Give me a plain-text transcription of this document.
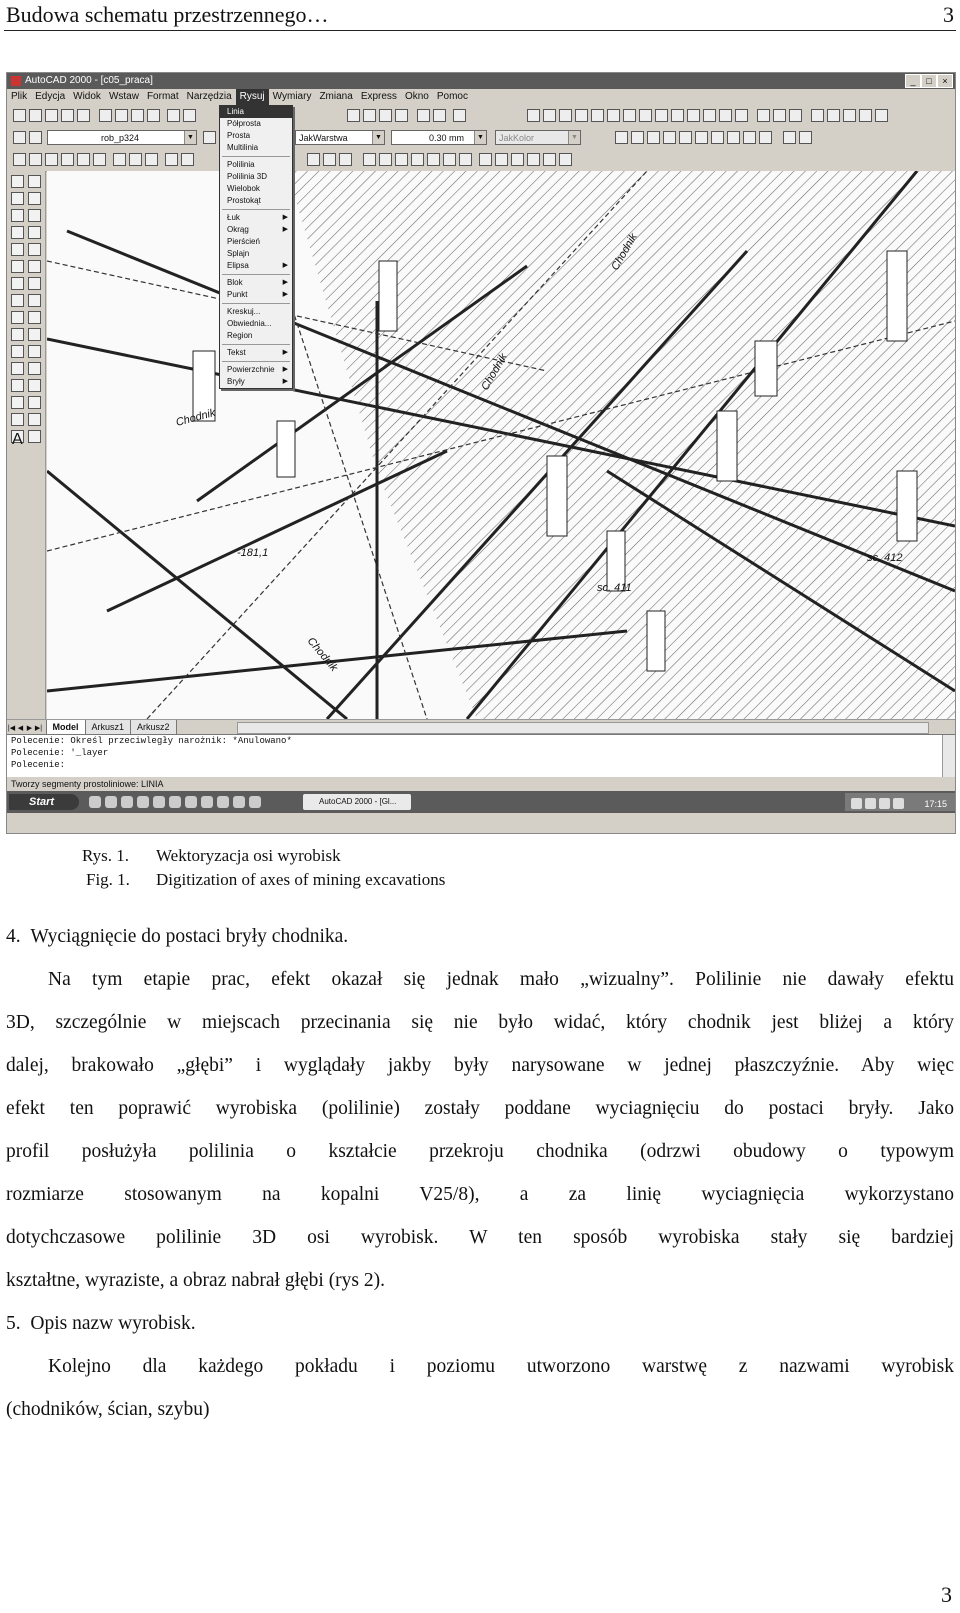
Budowa schematu przestrzennego…	3
AutoCAD 2000 - [c05_praca]	_	□	×
Plik Edycja Widok Wstaw Format Narzędzia Rysuj Wymiary Zmiana Express Okno Pomoc
rob_p324	▼	JakWarstwa	▼	0.30 mm	▼	JakKolor	▼
A
Chodnik
Chodnik
Chodnik
Chodnik
sc. 412
sc. 411
-181,1
Linia
Półprosta
Prosta
Multilinia
Polilinia
Polilinia 3D
Wielobok
Prostokąt
Łuk	▶
Okrąg	▶
Pierścień
Splajn
Elipsa	▶
Blok	▶
Punkt	▶
Kreskuj...
Obwiednia...
Region
Tekst	▶
Powierzchnie ▶
Bryły	▶
|◀ ◀ ▶ ▶| Model Arkusz1 Arkusz2
Polecenie: Określ przeciwległy narożnik: *Anulowano*
Polecenie: '_layer
Polecenie:
Tworzy segmenty prostoliniowe: LINIA
Start	AutoCAD 2000 - [Gl...	17:15
Rys. 1. Wektoryzacja osi wyrobisk
Fig. 1. Digitization of axes of mining excavations
4.  Wyciągnięcie do postaci bryły chodnika.
Na tym etapie prac, efekt okazał się jednak mało „wizualny”. Polilinie nie dawały efektu
3D, szczególnie w miejscach przecinania się nie było widać, który chodnik jest bliżej a który
dalej, brakowało „głębi” i wyglądały jakby były narysowane w jednej płaszczyźnie. Aby więc
efekt ten poprawić wyrobiska (polilinie) zostały poddane wyciagnięciu do postaci bryły. Jako
profil posłużyła polilinia o kształcie przekroju chodnika (odrzwi obudowy o typowym
rozmiarze stosowanym na kopalni V25/8), a za linię wyciagnięcia wykorzystano
dotychczasowe polilinie 3D osi wyrobisk. W ten sposób wyrobiska stały się bardziej
kształtne, wyraziste, a obraz nabrał głębi (rys 2).
5.  Opis nazw wyrobisk.
Kolejno dla każdego pokładu i poziomu utworzono warstwę z nazwami wyrobisk
(chodników, ścian, szybu)
3
